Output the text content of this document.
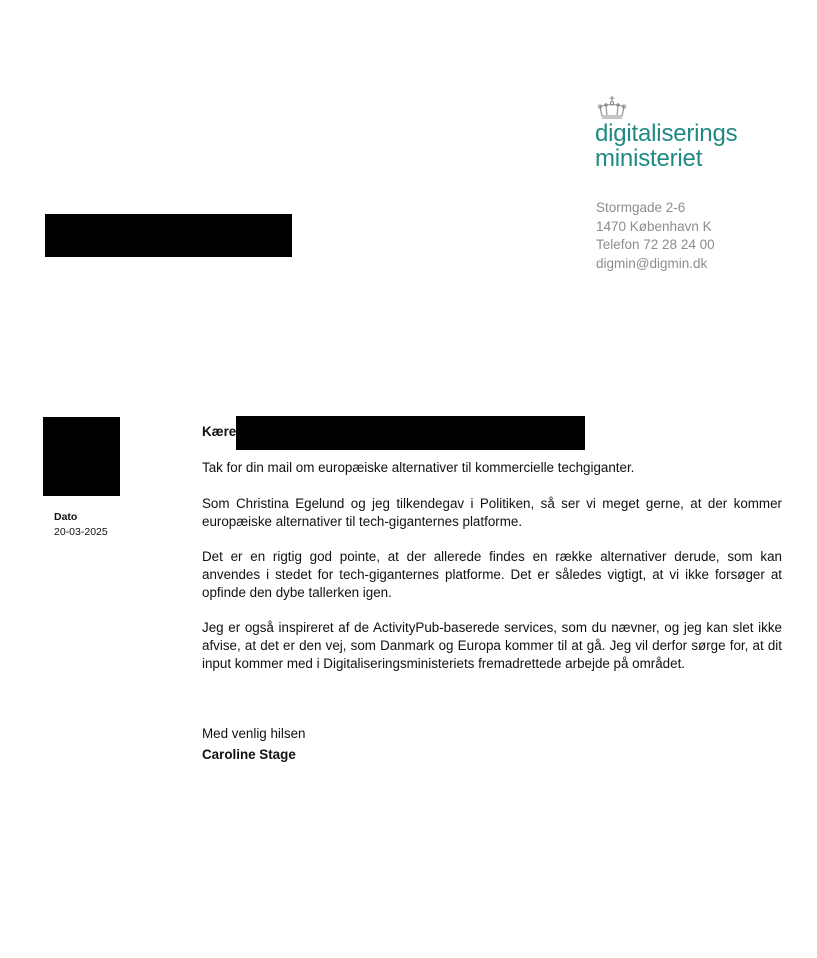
digitaliserings
ministeriet
Stormgade 2-6
1470 København K
Telefon 72 28 24 00
digmin@digmin.dk
Dato
20-03-2025
Kære

Tak for din mail om europæiske alternativer til kommercielle techgiganter.

Som Christina Egelund og jeg tilkendegav i Politiken, så ser vi meget gerne, at der kommer europæiske alternativer til tech-giganternes platforme.

Det er en rigtig god pointe, at der allerede findes en række alternativer derude, som kan anvendes i stedet for tech-giganternes platforme. Det er således vigtigt, at vi ikke forsøger at opfinde den dybe tallerken igen.

Jeg er også inspireret af de ActivityPub-baserede services, som du nævner, og jeg kan slet ikke afvise, at det er den vej, som Danmark og Europa kommer til at gå. Jeg vil derfor sørge for, at dit input kommer med i Digitaliseringsministeriets fremadrettede arbejde på området.

Med venlig hilsen
Caroline Stage
